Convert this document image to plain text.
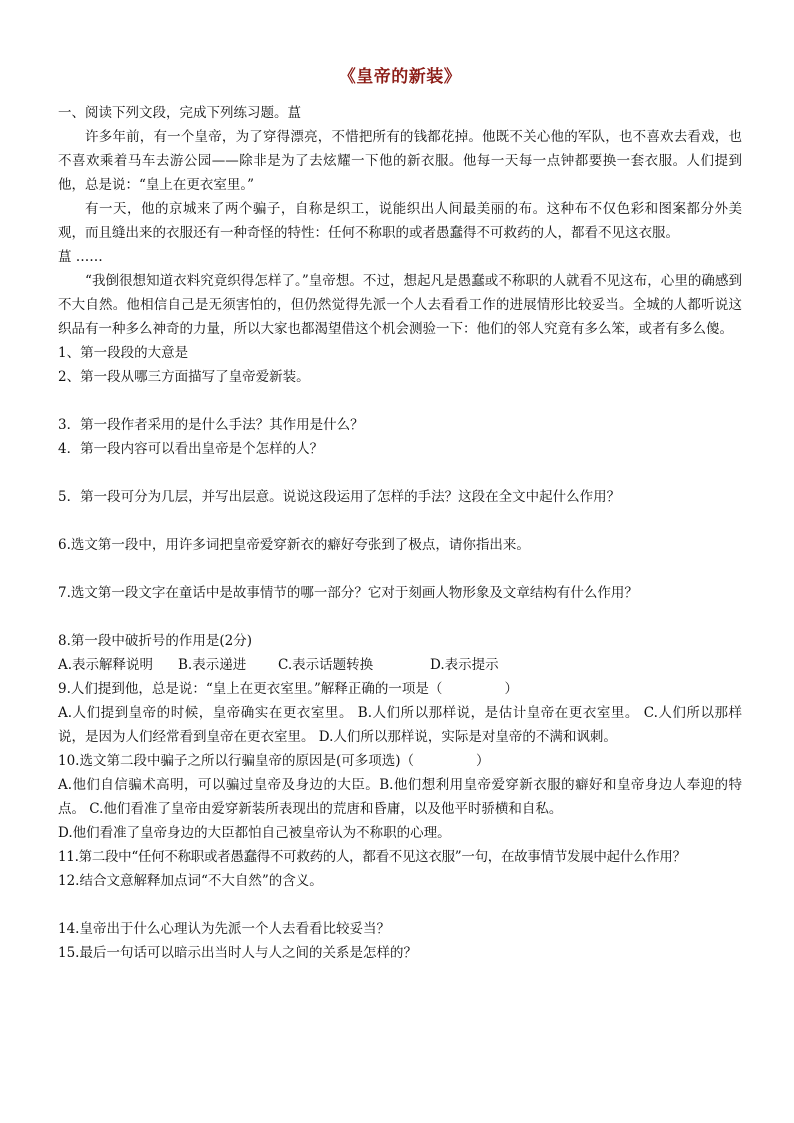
《皇帝的新装》

一、阅读下列文段，完成下列练习题。蒀

许多年前，有一个皇帝，为了穿得漂亮，不惜把所有的钱都花掉。他既不关心他的军队，也不喜欢去看戏，也不喜欢乘着马车去游公园——除非是为了去炫耀一下他的新衣服。他每一天每一点钟都要换一套衣服。人们提到他，总是说：“皇上在更衣室里。”

有一天，他的京城来了两个骗子，自称是织工，说能织出人间最美丽的布。这种布不仅色彩和图案都分外美观，而且缝出来的衣服还有一种奇怪的特性：任何不称职的或者愚蠢得不可救药的人，都看不见这衣服。

蒀 ……

“我倒很想知道衣料究竟织得怎样了。”皇帝想。不过，想起凡是愚蠢或不称职的人就看不见这布，心里的确感到不大自然。他相信自己是无须害怕的，但仍然觉得先派一个人去看看工作的进展情形比较妥当。全城的人都听说这织品有一种多么神奇的力量，所以大家也都渴望借这个机会测验一下：他们的邻人究竟有多么笨，或者有多么傻。

1、第一段段的大意是

2、第一段从哪三方面描写了皇帝爱新装。

3．第一段作者采用的是什么手法？其作用是什么？

4．第一段内容可以看出皇帝是个怎样的人？

5．第一段可分为几层，并写出层意。说说这段运用了怎样的手法？这段在全文中起什么作用？

6.选文第一段中，用许多词把皇帝爱穿新衣的癖好夸张到了极点，请你指出来。

7.选文第一段文字在童话中是故事情节的哪一部分？它对于刻画人物形象及文章结构有什么作用？

8.第一段中破折号的作用是(2分)

A.表示解释说明	B.表示递进	C.表示话题转换	D.表示提示

9.人们提到他，总是说：“皇上在更衣室里。”解释正确的一项是（	）

A.人们提到皇帝的时候，皇帝确实在更衣室里。 B.人们所以那样说，是估计皇帝在更衣室里。 C.人们所以那样说，是因为人们经常看到皇帝在更衣室里。 D.人们所以那样说，实际是对皇帝的不满和讽刺。

10.选文第二段中骗子之所以行骗皇帝的原因是(可多项选)（	）

A.他们自信骗术高明，可以骗过皇帝及身边的大臣。B.他们想利用皇帝爱穿新衣服的癖好和皇帝身边人奉迎的特点。 C.他们看准了皇帝由爱穿新装所表现出的荒唐和昏庸，以及他平时骄横和自私。

D.他们看准了皇帝身边的大臣都怕自己被皇帝认为不称职的心理。

11.第二段中“任何不称职或者愚蠢得不可救药的人，都看不见这衣服”一句，在故事情节发展中起什么作用？

12.结合文意解释加点词“不大自然”的含义。

14.皇帝出于什么心理认为先派一个人去看看比较妥当？

15.最后一句话可以暗示出当时人与人之间的关系是怎样的？
